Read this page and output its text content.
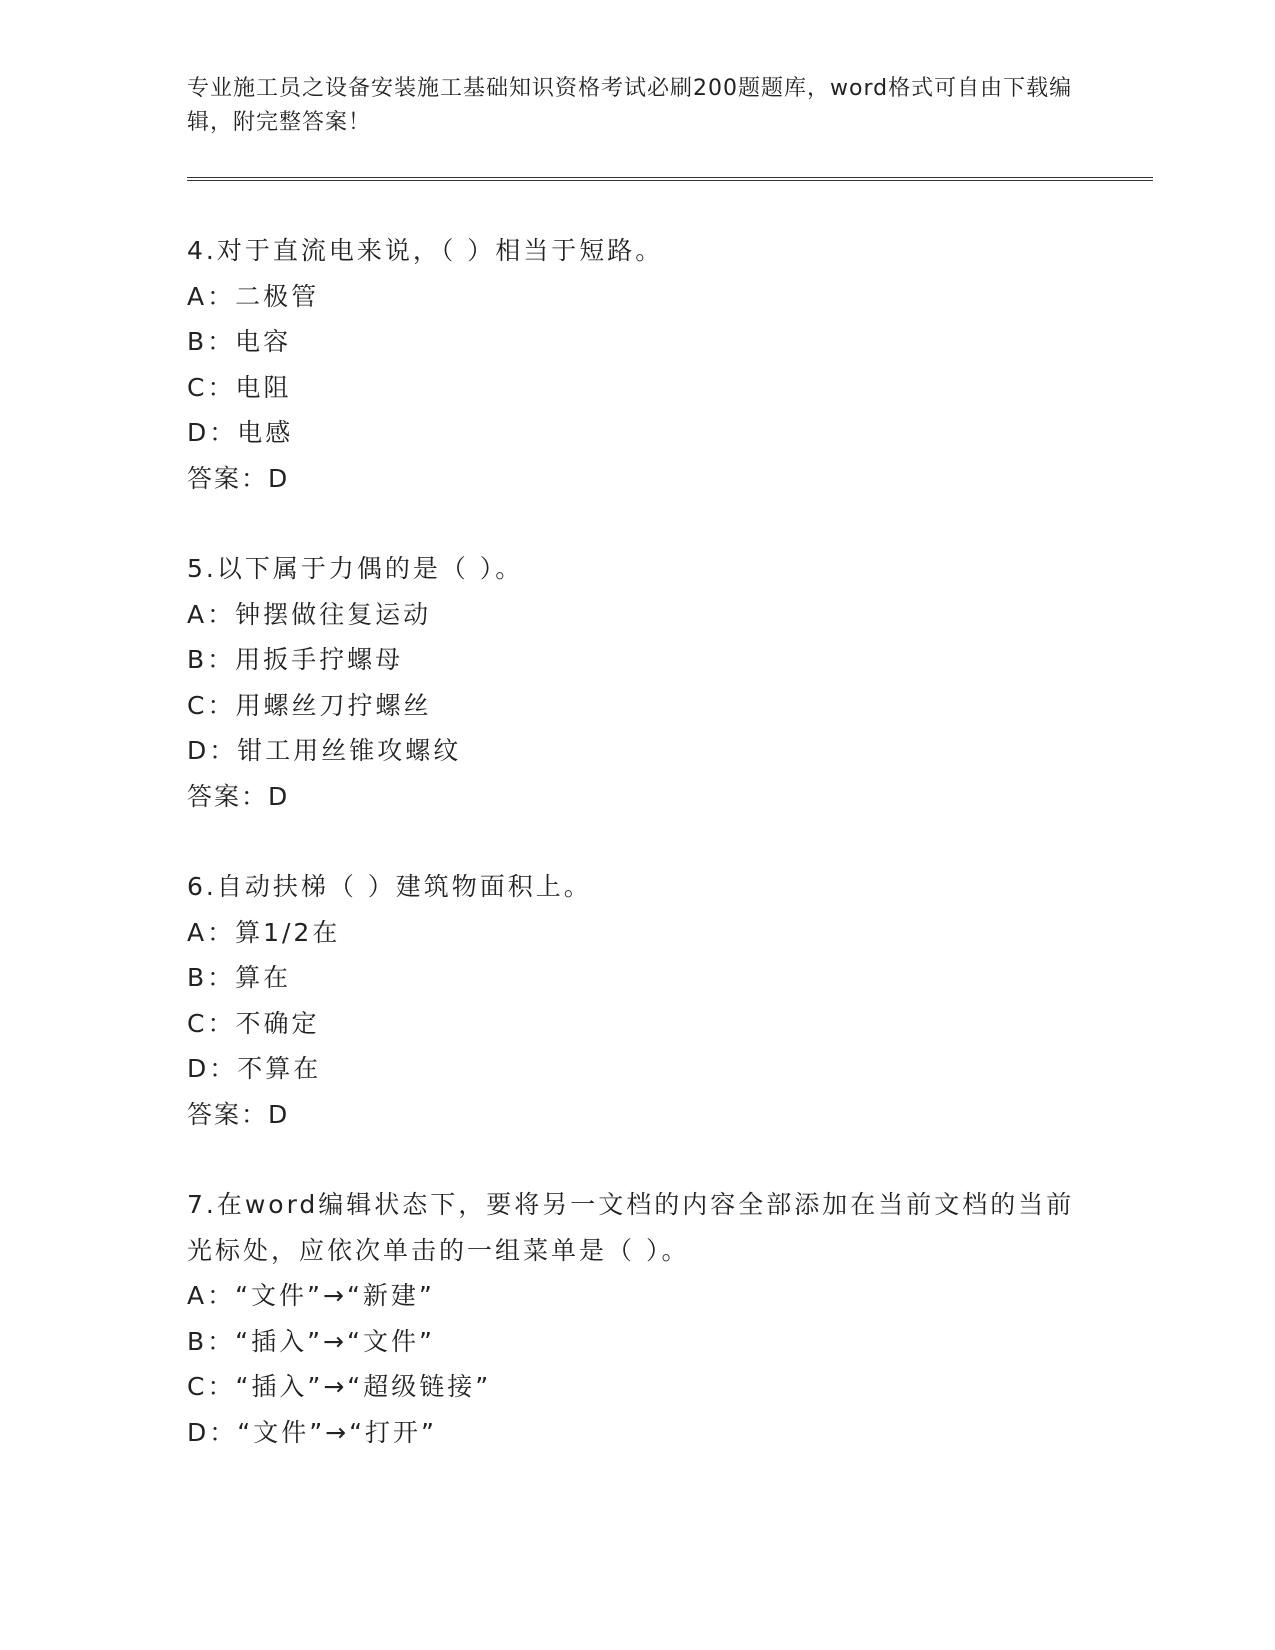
专业施工员之设备安装施工基础知识资格考试必刷200题题库，word格式可自由下载编辑，附完整答案！

4.对于直流电来说，（ ）相当于短路。
A：二极管
B：电容
C：电阻
D：电感
答案：D
5.以下属于力偶的是（ ）。
A：钟摆做往复运动
B：用扳手拧螺母
C：用螺丝刀拧螺丝
D：钳工用丝锥攻螺纹
答案：D
6.自动扶梯（ ）建筑物面积上。
A：算1/2在
B：算在
C：不确定
D：不算在
答案：D
7.在word编辑状态下，要将另一文档的内容全部添加在当前文档的当前光标处，应依次单击的一组菜单是（ ）。
A：“文件”→“新建”
B：“插入”→“文件”
C：“插入”→“超级链接”
D：“文件”→“打开”
